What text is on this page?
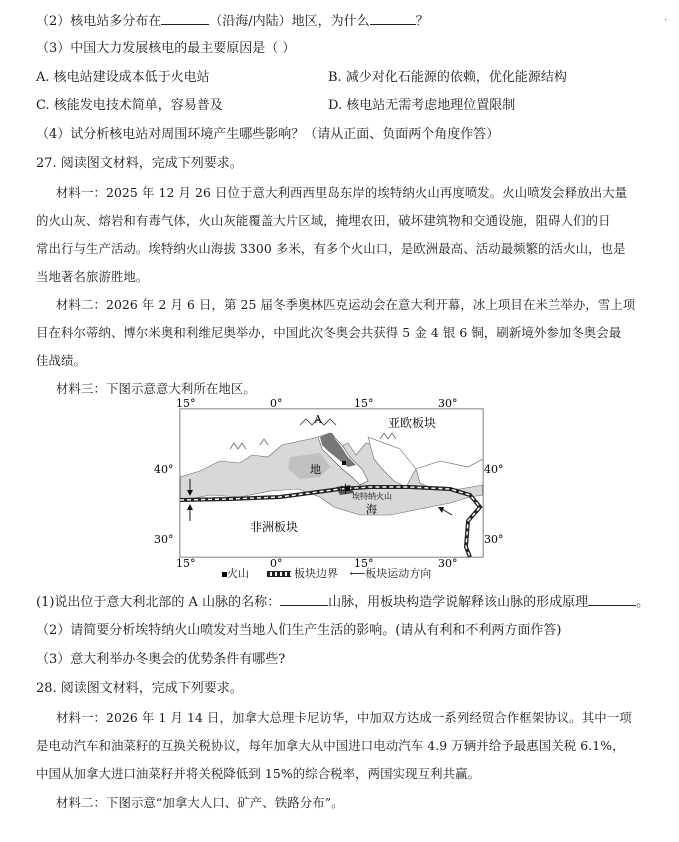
.
（2）核电站多分布在	（沿海/内陆）地区，为什么	？
（3）中国大力发展核电的最主要原因是（ ）
A. 核电站建设成本低于火电站	B. 减少对化石能源的依赖，优化能源结构
C. 核能发电技术简单，容易普及	D. 核电站无需考虑地理位置限制
（4）试分析核电站对周围环境产生哪些影响？（请从正面、负面两个角度作答）
27. 阅读图文材料，完成下列要求。
材料一：2025 年 12 月 26 日位于意大利西西里岛东岸的埃特纳火山再度喷发。火山喷发会释放出大量
的火山灰、熔岩和有毒气体，火山灰能覆盖大片区域，掩埋农田，破坏建筑物和交通设施，阻碍人们的日
常出行与生产活动。埃特纳火山海拔 3300 多米，有多个火山口，是欧洲最高、活动最频繁的活火山，也是
当地著名旅游胜地。
材料二：2026 年 2 月 6 日，第 25 届冬季奥林匹克运动会在意大利开幕，冰上项目在米兰举办，雪上项
目在科尔蒂纳、博尔米奥和利维尼奥举办，中国此次冬奥会共获得 5 金 4 银 6 铜，刷新境外参加冬奥会最
佳战绩。
材料三：下图示意意大利所在地区。
15°	0°	15°	30°
15°	0°	15°	30°
40°
30°
40°
30°
亚欧板块
非洲板块
A
地
中
海
埃特纳火山
火山	板块边界 ⟵板块运动方向
(1)说出位于意大利北部的 A 山脉的名称：	山脉，用板块构造学说解释该山脉的形成原理	。
（2）请简要分析埃特纳火山喷发对当地人们生产生活的影响。(请从有利和不利两方面作答)
（3）意大利举办冬奥会的优势条件有哪些?
28. 阅读图文材料，完成下列要求。
材料一：2026 年 1 月 14 日，加拿大总理卡尼访华，中加双方达成一系列经贸合作框架协议。其中一项
是电动汽车和油菜籽的互换关税协议，每年加拿大从中国进口电动汽车 4.9 万辆并给予最惠国关税 6.1%，
中国从加拿大进口油菜籽并将关税降低到 15%的综合税率，两国实现互利共赢。
材料二：下图示意“加拿大人口、矿产、铁路分布”。
